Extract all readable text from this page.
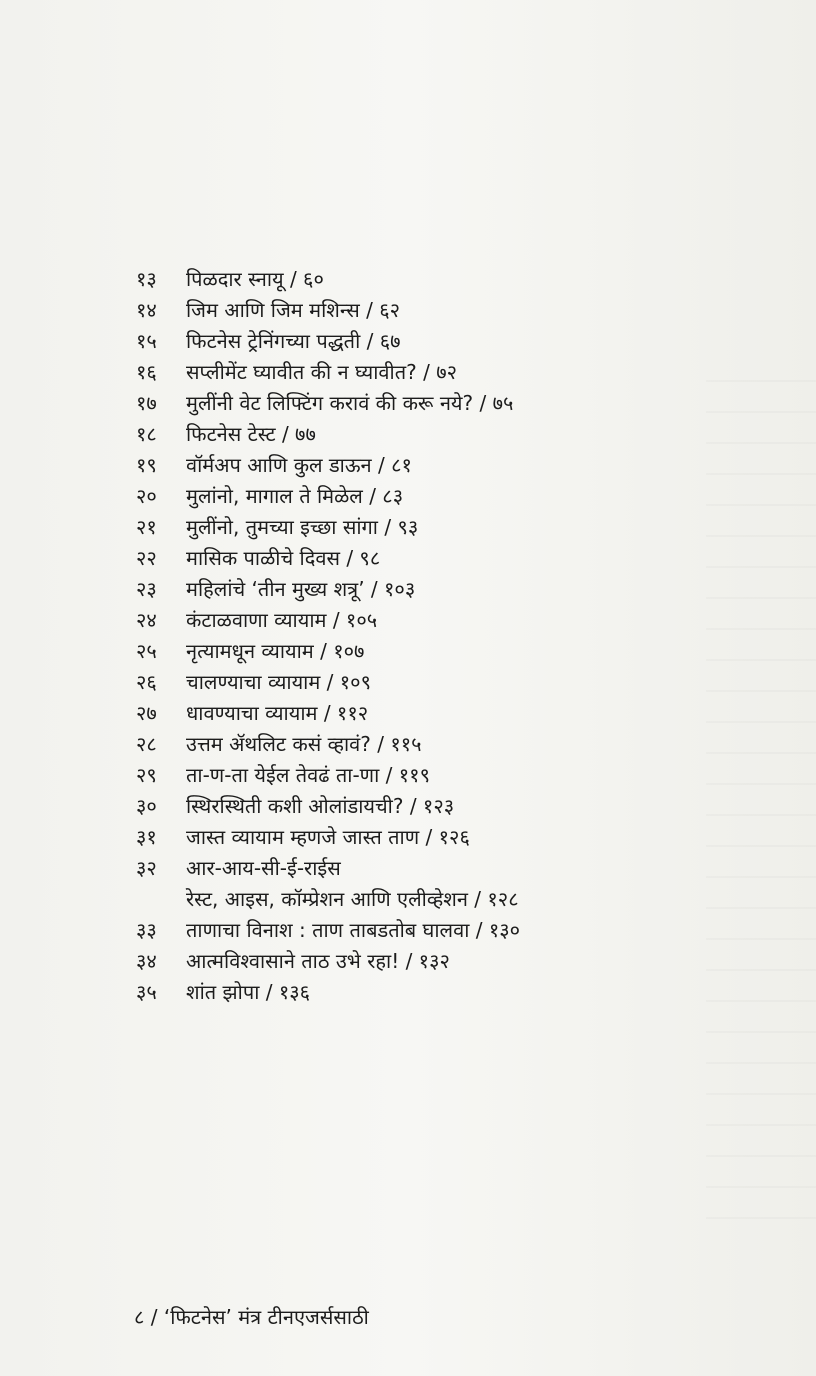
१३	पिळदार स्नायू / ६०
१४	जिम आणि जिम मशिन्स / ६२
१५	फिटनेस ट्रेनिंगच्या पद्धती / ६७
१६	सप्लीमेंट घ्यावीत की न घ्यावीत? / ७२
१७	मुलींनी वेट लिफ्टिंग करावं की करू नये? / ७५
१८	फिटनेस टेस्ट / ७७
१९	वॉर्मअप आणि कुल डाऊन / ८१
२०	मुलांनो, मागाल ते मिळेल / ८३
२१	मुलींनो, तुमच्या इच्छा सांगा / ९३
२२	मासिक पाळीचे दिवस / ९८
२३	महिलांचे ‘तीन मुख्य शत्रू’ / १०३
२४	कंटाळवाणा व्यायाम / १०५
२५	नृत्यामधून व्यायाम / १०७
२६	चालण्याचा व्यायाम / १०९
२७	धावण्याचा व्यायाम / ११२
२८	उत्तम ॲथलिट कसं व्हावं? / ११५
२९	ता-ण-ता येईल तेवढं ता-णा / ११९
३०	स्थिरस्थिती कशी ओलांडायची? / १२३
३१	जास्त व्यायाम म्हणजे जास्त ताण / १२६
३२	आर-आय-सी-ई-राईस
रेस्ट, आइस, कॉम्प्रेशन आणि एलीव्हेशन / १२८
३३	ताणाचा विनाश : ताण ताबडतोब घालवा / १३०
३४	आत्मविश्वासाने ताठ उभे रहा! / १३२
३५	शांत झोपा / १३६
८ / ‘फिटनेस’ मंत्र टीनएजर्ससाठी
